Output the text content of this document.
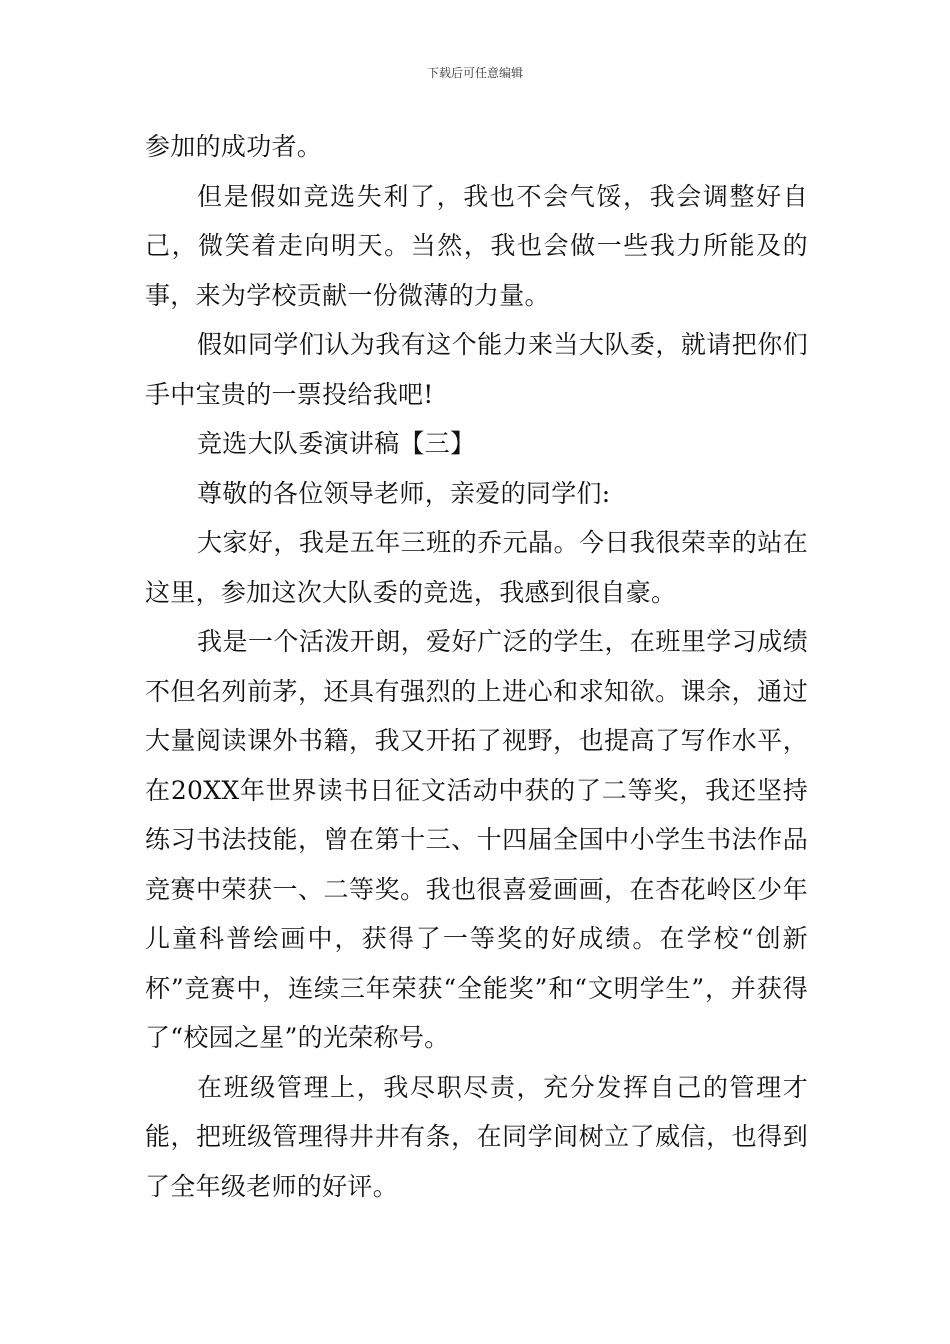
下载后可任意编辑

参加的成功者。

但是假如竞选失利了，我也不会气馁，我会调整好自己，微笑着走向明天。当然，我也会做一些我力所能及的事，来为学校贡献一份微薄的力量。

假如同学们认为我有这个能力来当大队委，就请把你们手中宝贵的一票投给我吧!

竞选大队委演讲稿【三】

尊敬的各位领导老师，亲爱的同学们:

大家好，我是五年三班的乔元晶。今日我很荣幸的站在这里，参加这次大队委的竞选，我感到很自豪。

我是一个活泼开朗，爱好广泛的学生，在班里学习成绩不但名列前茅，还具有强烈的上进心和求知欲。课余，通过大量阅读课外书籍，我又开拓了视野，也提高了写作水平，在20XX年世界读书日征文活动中获的了二等奖，我还坚持练习书法技能，曾在第十三、十四届全国中小学生书法作品竞赛中荣获一、二等奖。我也很喜爱画画，在杏花岭区少年儿童科普绘画中，获得了一等奖的好成绩。在学校“创新杯”竞赛中，连续三年荣获“全能奖”和“文明学生”，并获得了“校园之星”的光荣称号。

在班级管理上，我尽职尽责，充分发挥自己的管理才能，把班级管理得井井有条，在同学间树立了威信，也得到了全年级老师的好评。
